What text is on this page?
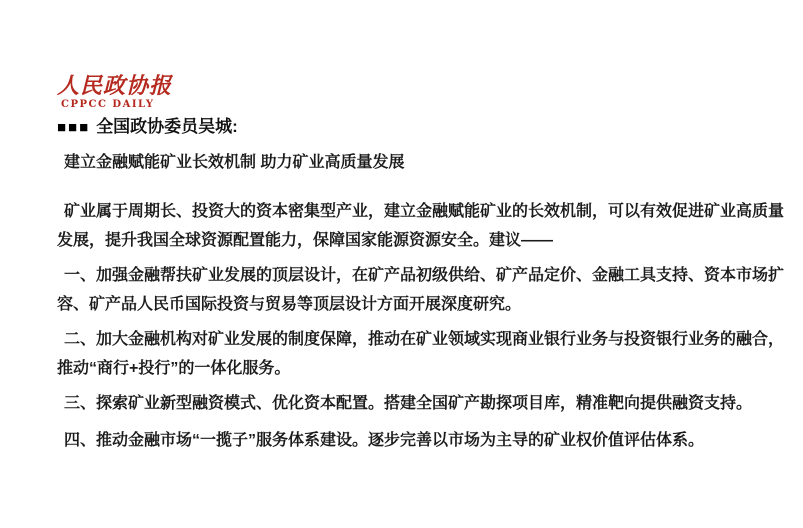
人民政协报
CPPCC DAILY
■■■ 全国政协委员吴城:
建立金融赋能矿业长效机制 助力矿业高质量发展

矿业属于周期长、投资大的资本密集型产业，建立金融赋能矿业的长效机制，可以有效促进矿业高质量发展，提升我国全球资源配置能力，保障国家能源资源安全。建议——

一、加强金融帮扶矿业发展的顶层设计，在矿产品初级供给、矿产品定价、金融工具支持、资本市场扩容、矿产品人民币国际投资与贸易等顶层设计方面开展深度研究。

二、加大金融机构对矿业发展的制度保障，推动在矿业领域实现商业银行业务与投资银行业务的融合，推动“商行+投行”的一体化服务。

三、探索矿业新型融资模式、优化资本配置。搭建全国矿产勘探项目库，精准靶向提供融资支持。

四、推动金融市场“一揽子”服务体系建设。逐步完善以市场为主导的矿业权价值评估体系。
